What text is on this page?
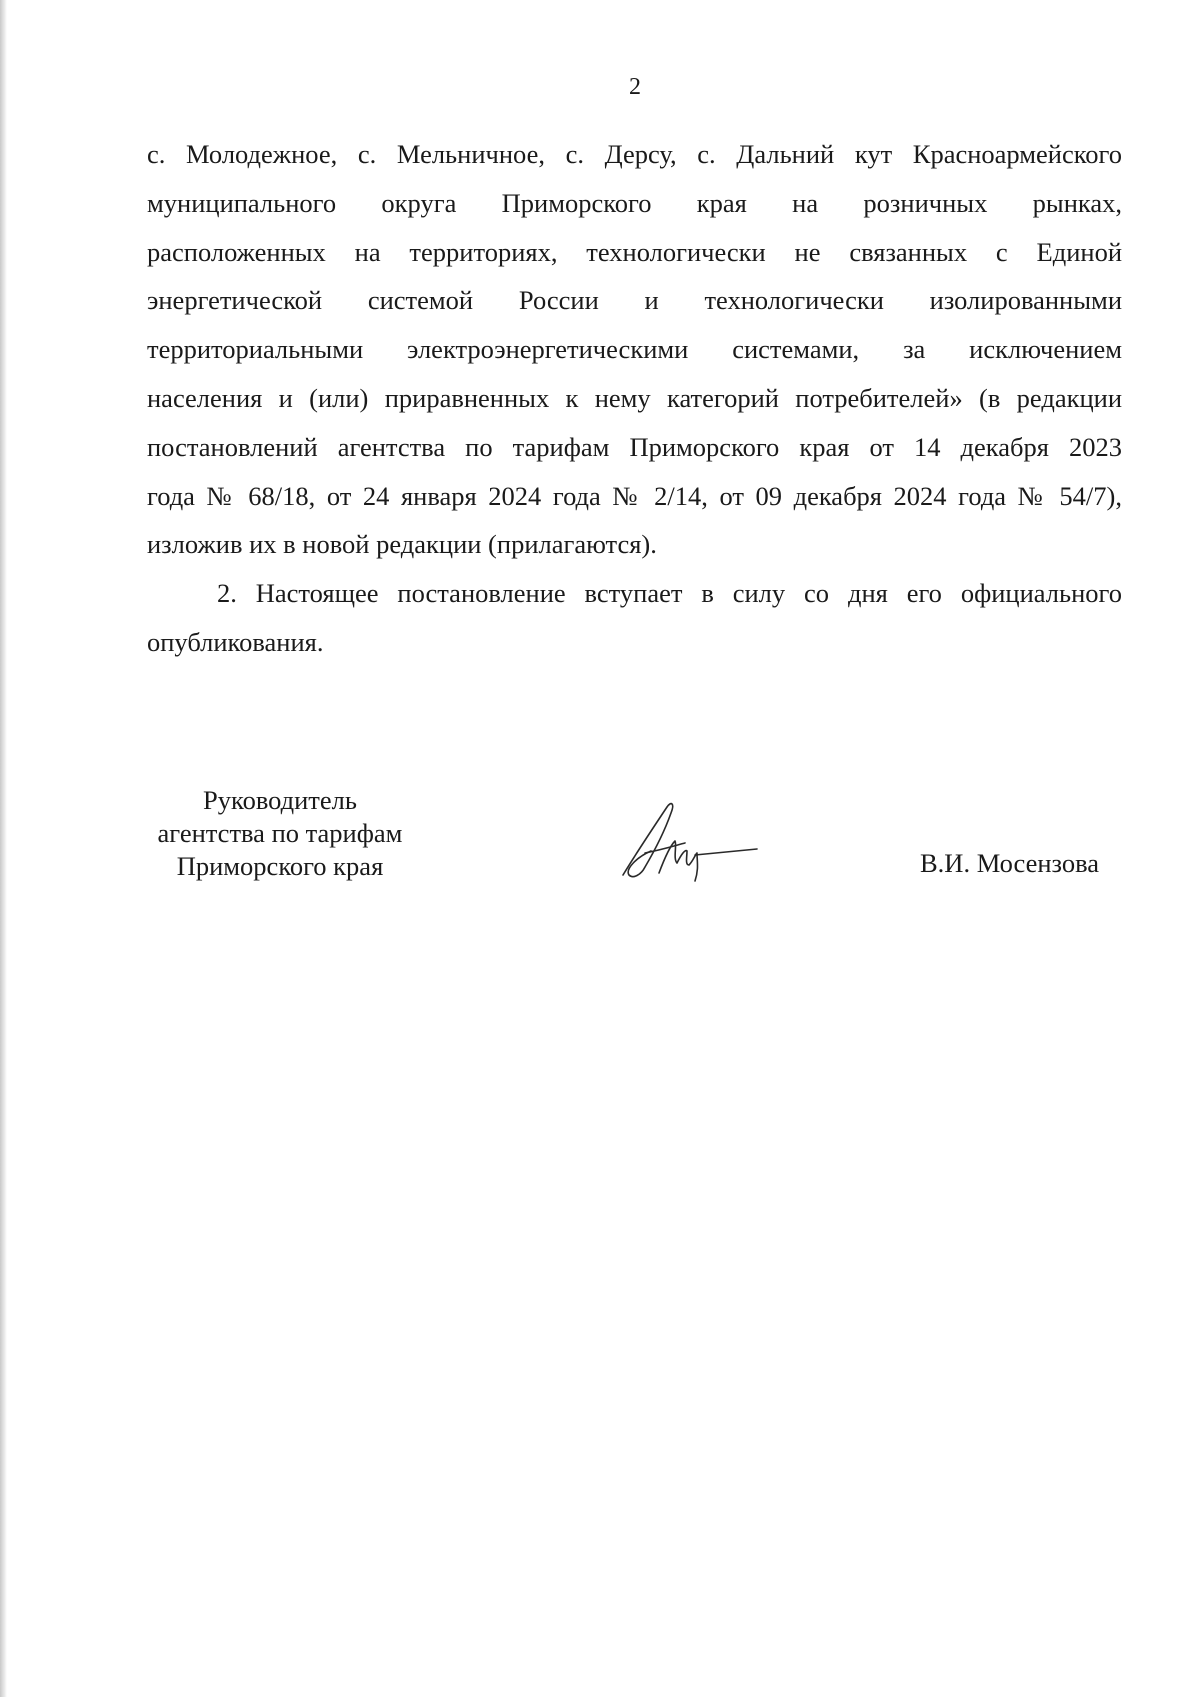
2
с. Молодежное, с. Мельничное, с. Дерсу, с. Дальний кут Красноармейского
муниципального округа Приморского края на розничных рынках,
расположенных на территориях, технологически не связанных с Единой
энергетической системой России и технологически изолированными
территориальными электроэнергетическими системами, за исключением
населения и (или) приравненных к нему категорий потребителей» (в редакции
постановлений агентства по тарифам Приморского края от 14 декабря 2023
года № 68/18, от 24 января 2024 года № 2/14, от 09 декабря 2024 года № 54/7),
изложив их в новой редакции (прилагаются).
2. Настоящее постановление вступает в силу со дня его официального
опубликования.
Руководитель
агентства по тарифам
Приморского края	В.И. Мосензова
